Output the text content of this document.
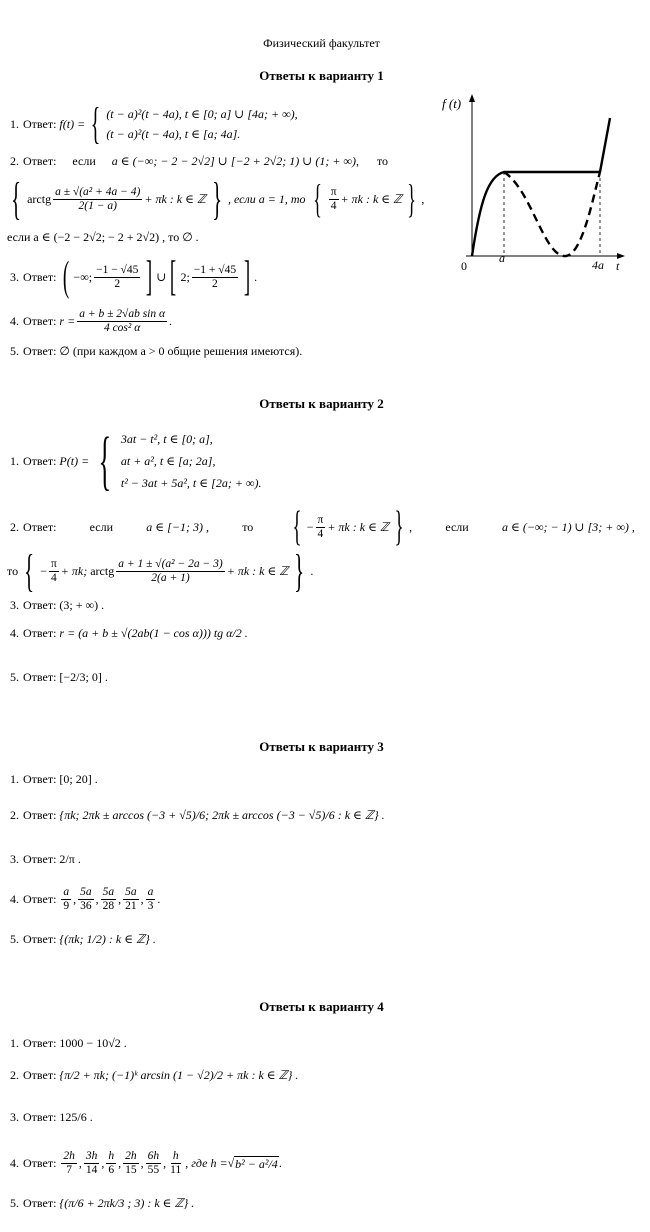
Физический факультет
Ответы к варианту 1
1. Ответ:
f(t) = { (t − a)²(t − 4a), t ∈ [0; a] ∪ [4a; + ∞),
(t − a)²(t − 4a), t ∈ [a; 4a].
2. Ответ: если a ∈ (−∞; − 2 − 2√2] ∪ [−2 + 2√2; 1) ∪ (1; + ∞), то
{ arctg a ± √(a² + 4a − 4)
2(1 − a) + πk : k ∈ ℤ } , если a = 1, то { π
4 + πk : k ∈ ℤ } ,
если a ∈ (−2 − 2√2; − 2 + 2√2) , то ∅ .
3. Ответ:
( −∞; −1 − √45
2 ] ∪ [ 2; −1 + √45
2 ] .
4. Ответ:
$r = \frac{\text{a + b ± 2√ab sin α}}{\text{4 cos² α}}$ .
5. Ответ:
∅ (при каждом a > 0 общие решения имеются).
f (t)
0
a	4a t
Ответы к варианту 2
1. Ответ:
P(t) = { 3at − t², t ∈ [0; a],
at + a², t ∈ [a; 2a],
t² − 3at + 5a², t ∈ [2a; + ∞).
2. Ответ:	если	a ∈ [−1; 3) ,	то { − $\frac{\pi}{4} + \pi k$ : k ∈ ℤ } ,	если	a ∈ (−∞; − 1) ∪ [3; + ∞) ,
то { − $\frac{\pi}{4} + \pi k$;
arctg a + 1 ± √(a² − 2a − 3)
2(a + 1)	+ πk : k ∈ ℤ } .
3. Ответ:
(3; + ∞) .
4. Ответ:
r = (a + b ± √(2ab(1 − cos α))) tg α/2 .
5. Ответ:
[−2/3; 0] .
Ответы к варианту 3
1. Ответ:
[0; 20] .
2. Ответ:
{πk; 2πk ± arccos (−3 + √5)/6; 2πk ± arccos (−3 − √5)/6 : k ∈ ℤ} .
3. Ответ:
2/π .
4. Ответ:
a
9 , 5a
36 , 5a
28 , 5a
21 , a
3 .
5. Ответ:
{(πk; 1/2) : k ∈ ℤ} .
Ответы к варианту 4
1. Ответ:
1000 − 10√2 .
2. Ответ:
{π/2 + πk; (−1)ᵏ arcsin (1 − √2)/2 + πk : k ∈ ℤ} .
3. Ответ:
125/6 .
4. Ответ:
2h
7 , 3h
14 , h
6 , 2h
15 , 6h
55 , h
11 , где h = √ b² − a²/4 .
5. Ответ:
{(π/6 + 2πk/3 ; 3) : k ∈ ℤ} .
